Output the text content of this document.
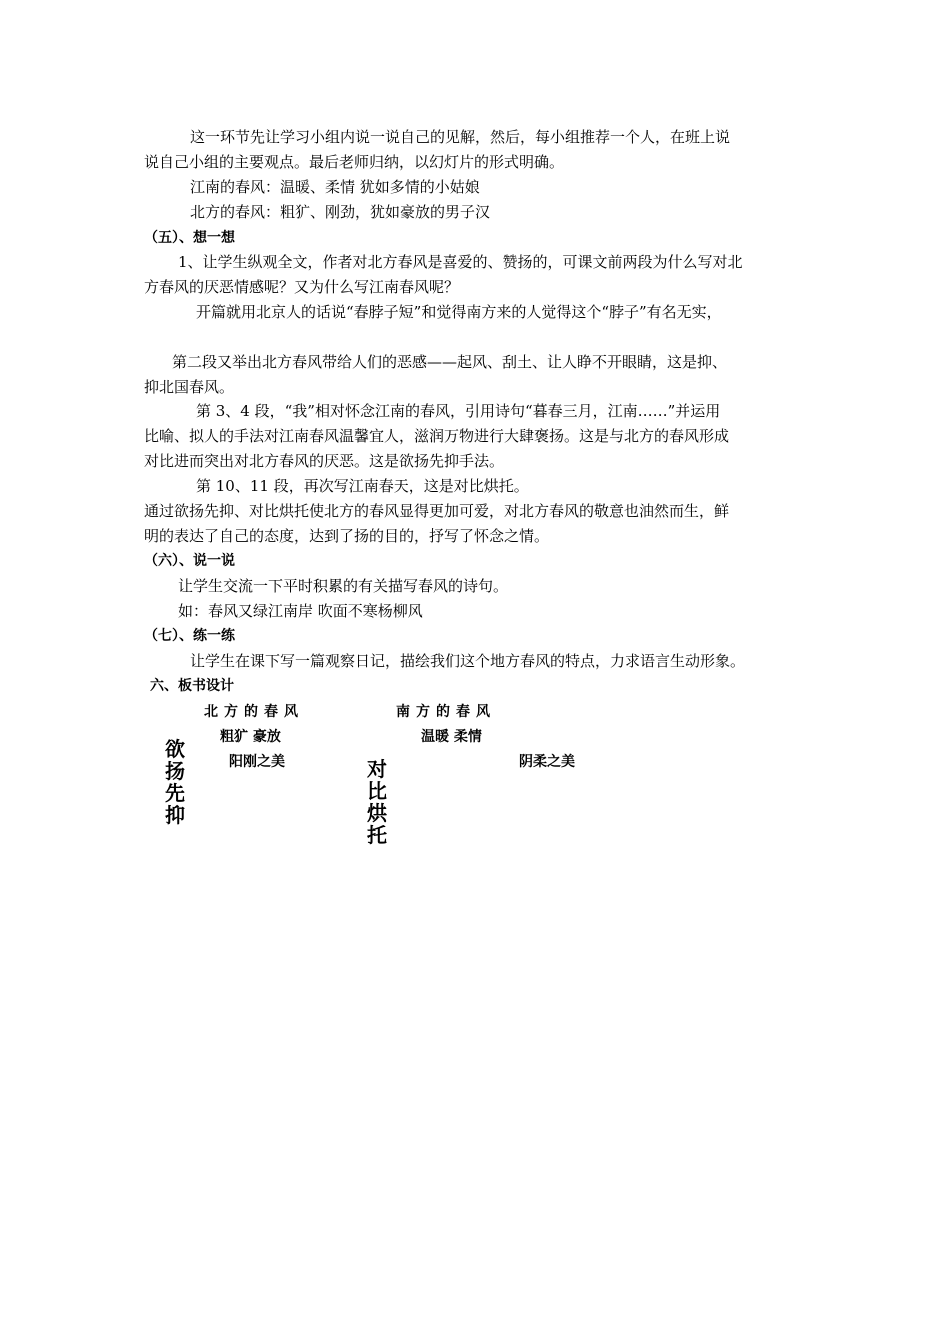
这一环节先让学习小组内说一说自己的见解，然后，每小组推荐一个人，在班上说
说自己小组的主要观点。最后老师归纳，以幻灯片的形式明确。
江南的春风：温暖、柔情 犹如多情的小姑娘
北方的春风：粗犷、刚劲，犹如豪放的男子汉
（五）、想一想
1、让学生纵观全文，作者对北方春风是喜爱的、赞扬的，可课文前两段为什么写对北
方春风的厌恶情感呢？又为什么写江南春风呢？
开篇就用北京人的话说“春脖子短”和觉得南方来的人觉得这个“脖子”有名无实，
第二段又举出北方春风带给人们的恶感——起风、刮土、让人睁不开眼睛，这是抑、
抑北国春风。
第 3、4 段，“我”相对怀念江南的春风，引用诗句“暮春三月，江南……”并运用
比喻、拟人的手法对江南春风温馨宜人，滋润万物进行大肆褒扬。这是与北方的春风形成
对比进而突出对北方春风的厌恶。这是欲扬先抑手法。
第 10、11 段，再次写江南春天，这是对比烘托。
通过欲扬先抑、对比烘托使北方的春风显得更加可爱，对北方春风的敬意也油然而生，鲜
明的表达了自己的态度，达到了扬的目的，抒写了怀念之情。
（六）、说一说
让学生交流一下平时积累的有关描写春风的诗句。
如：春风又绿江南岸 吹面不寒杨柳风
（七）、练一练
让学生在课下写一篇观察日记，描绘我们这个地方春风的特点，力求语言生动形象。
六、板书设计
北方的春风	南方的春风
粗犷 豪放	温暖 柔情
阳刚之美	阴柔之美
欲扬先抑
对比烘托
